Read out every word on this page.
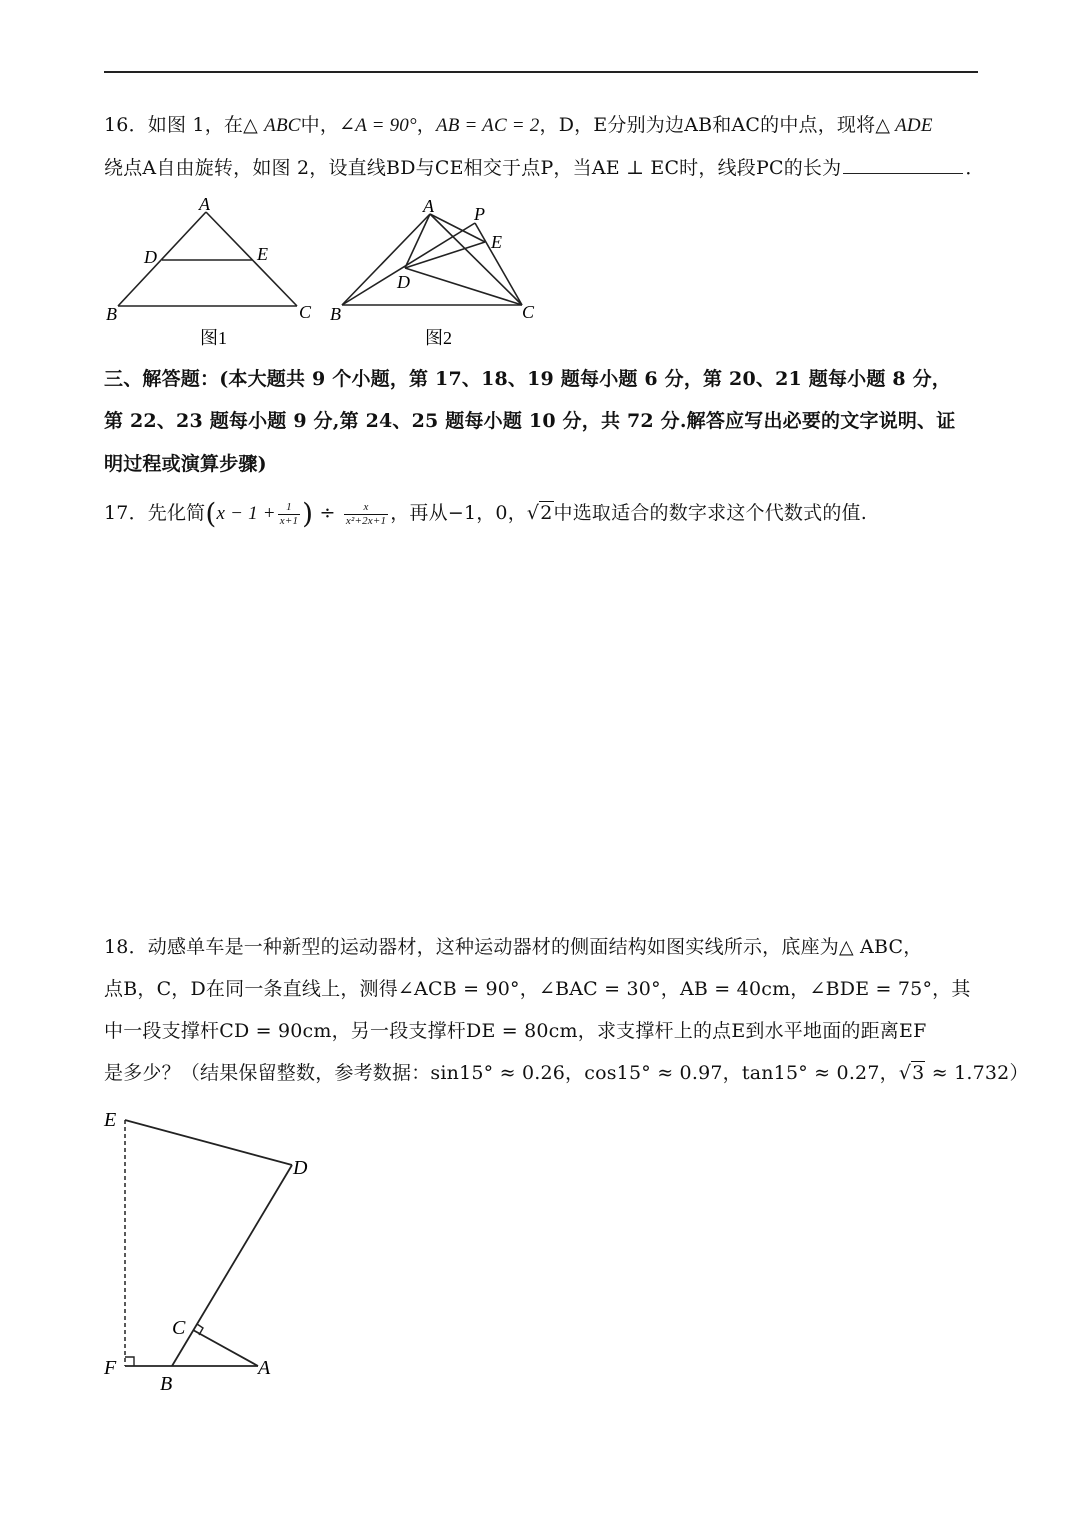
16．如图 1，在△ ABC中，∠A = 90°，AB = AC = 2，D，E分别为边AB和AC的中点，现将△ ADE
绕点A自由旋转，如图 2，设直线BD与CE相交于点P，当AE ⊥ EC时，线段PC的长为	．
A
D	E
B	C
图1
A P
E
D
B	C
图2
三、解答题：(本大题共 9 个小题，第 17、18、19 题每小题 6 分，第 20、21 题每小题 8 分，
第 22、23 题每小题 9 分,第 24、25 题每小题 10 分，共 72 分.解答应写出必要的文字说明、证
明过程或演算步骤)
17．先化简($x - 1 + \frac{1}{x+1}$ ) ÷ $\frac{x}{\text{x²+2x+1}}$ ，再从−1，0，√2中选取适合的数字求这个代数式的值.
18．动感单车是一种新型的运动器材，这种运动器材的侧面结构如图实线所示，底座为△ ABC，
点B，C，D在同一条直线上，测得∠ACB = 90°，∠BAC = 30°，AB = 40cm，∠BDE = 75°，其
中一段支撑杆CD = 90cm，另一段支撑杆DE = 80cm，求支撑杆上的点E到水平地面的距离EF
是多少？（结果保留整数，参考数据：sin15° ≈ 0.26，cos15° ≈ 0.97，tan15° ≈ 0.27，√3 ≈ 1.732）
E
D
C
F
B
A
